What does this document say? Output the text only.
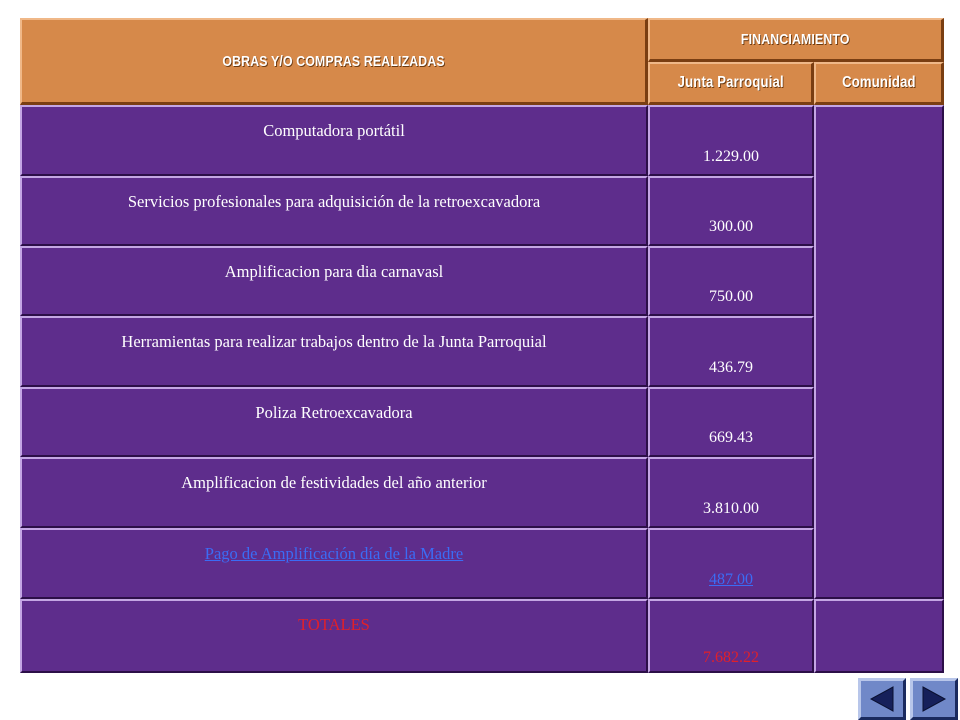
OBRAS Y/O COMPRAS REALIZADAS
FINANCIAMIENTO
Junta Parroquial	Comunidad
Computadora portátil
1.229.00
Servicios profesionales para adquisición de la retroexcavadora
300.00
Amplificacion para dia carnavasl
750.00
Herramientas para realizar trabajos dentro de la Junta Parroquial
436.79
Poliza Retroexcavadora
669.43
Amplificacion de festividades del año anterior
3.810.00
Pago de Amplificación día de la Madre
487.00
TOTALES
7.682.22
